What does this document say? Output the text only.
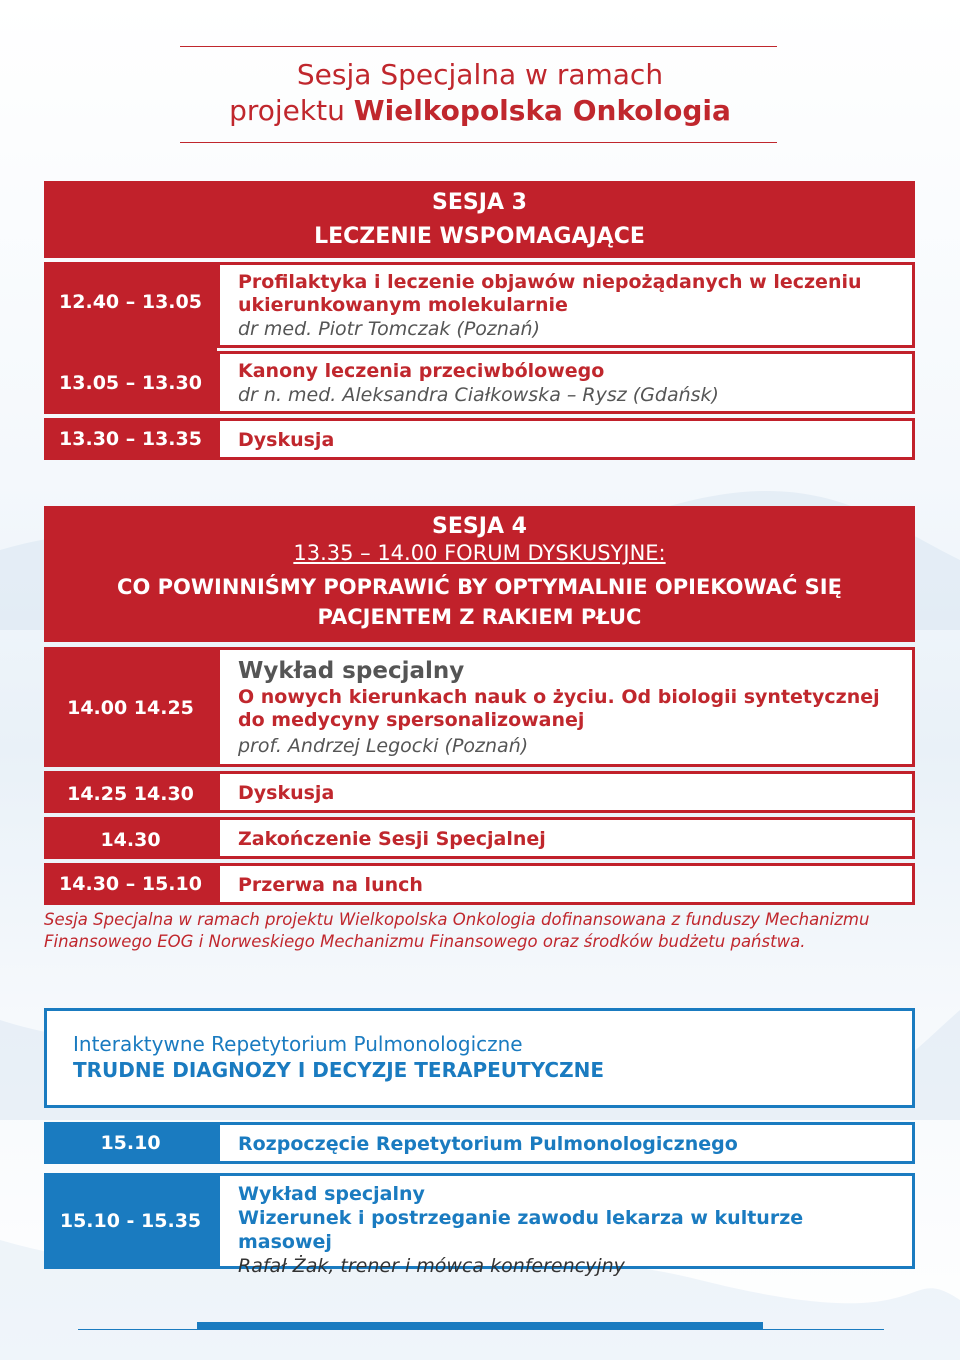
Sesja Specjalna w ramach
projektu Wielkopolska Onkologia
SESJA 3
LECZENIE WSPOMAGAJĄCE
12.40 – 13.05
13.05 – 13.30
13.30 – 13.35
Profilaktyka i leczenie objawów niepożądanych w leczeniu ukierunkowanym molekularnie
dr med. Piotr Tomczak (Poznań)
Kanony leczenia przeciwbólowego
dr n. med. Aleksandra Ciałkowska – Rysz (Gdańsk)
Dyskusja
SESJA 4
13.35 – 14.00 FORUM DYSKUSYJNE:
CO POWINNIŚMY POPRAWIĆ BY OPTYMALNIE OPIEKOWAĆ SIĘ
PACJENTEM Z RAKIEM PŁUC
14.00 14.25
14.25 14.30
14.30
14.30 – 15.10
Wykład specjalny
O nowych kierunkach nauk o życiu. Od biologii syntetycznej do medycyny spersonalizowanej
prof. Andrzej Legocki (Poznań)
Dyskusja
Zakończenie Sesji Specjalnej
Przerwa na lunch
Sesja Specjalna w ramach projektu Wielkopolska Onkologia dofinansowana z funduszy Mechanizmu Finansowego EOG i Norweskiego Mechanizmu Finansowego oraz środków budżetu państwa.
Interaktywne Repetytorium Pulmonologiczne
TRUDNE DIAGNOZY I DECYZJE TERAPEUTYCZNE
15.10	Rozpoczęcie Repetytorium Pulmonologicznego
15.10 - 15.35
Wykład specjalny
Wizerunek i postrzeganie zawodu lekarza w kulturze masowej
Rafał Żak, trener i mówca konferencyjny
